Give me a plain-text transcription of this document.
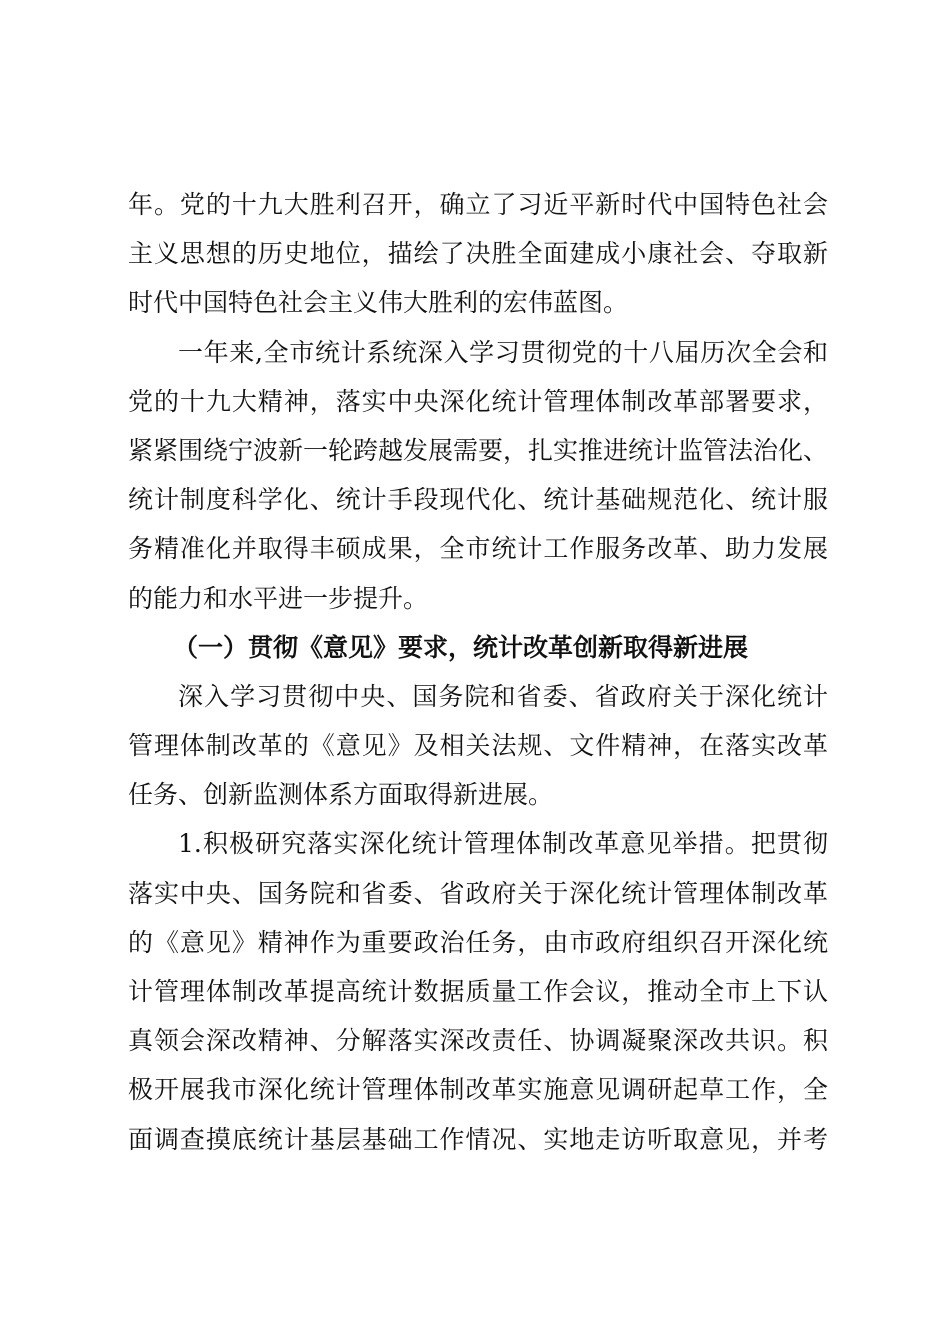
年。党的十九大胜利召开，确立了习近平新时代中国特色社会
主义思想的历史地位，描绘了决胜全面建成小康社会、夺取新
时代中国特色社会主义伟大胜利的宏伟蓝图。
一年来,全市统计系统深入学习贯彻党的十八届历次全会和
党的十九大精神，落实中央深化统计管理体制改革部署要求，
紧紧围绕宁波新一轮跨越发展需要，扎实推进统计监管法治化、
统计制度科学化、统计手段现代化、统计基础规范化、统计服
务精准化并取得丰硕成果，全市统计工作服务改革、助力发展
的能力和水平进一步提升。
（一）贯彻《意见》要求，统计改革创新取得新进展
深入学习贯彻中央、国务院和省委、省政府关于深化统计
管理体制改革的《意见》及相关法规、文件精神，在落实改革
任务、创新监测体系方面取得新进展。
1.积极研究落实深化统计管理体制改革意见举措。把贯彻
落实中央、国务院和省委、省政府关于深化统计管理体制改革
的《意见》精神作为重要政治任务，由市政府组织召开深化统
计管理体制改革提高统计数据质量工作会议，推动全市上下认
真领会深改精神、分解落实深改责任、协调凝聚深改共识。积
极开展我市深化统计管理体制改革实施意见调研起草工作，全
面调查摸底统计基层基础工作情况、实地走访听取意见，并考
